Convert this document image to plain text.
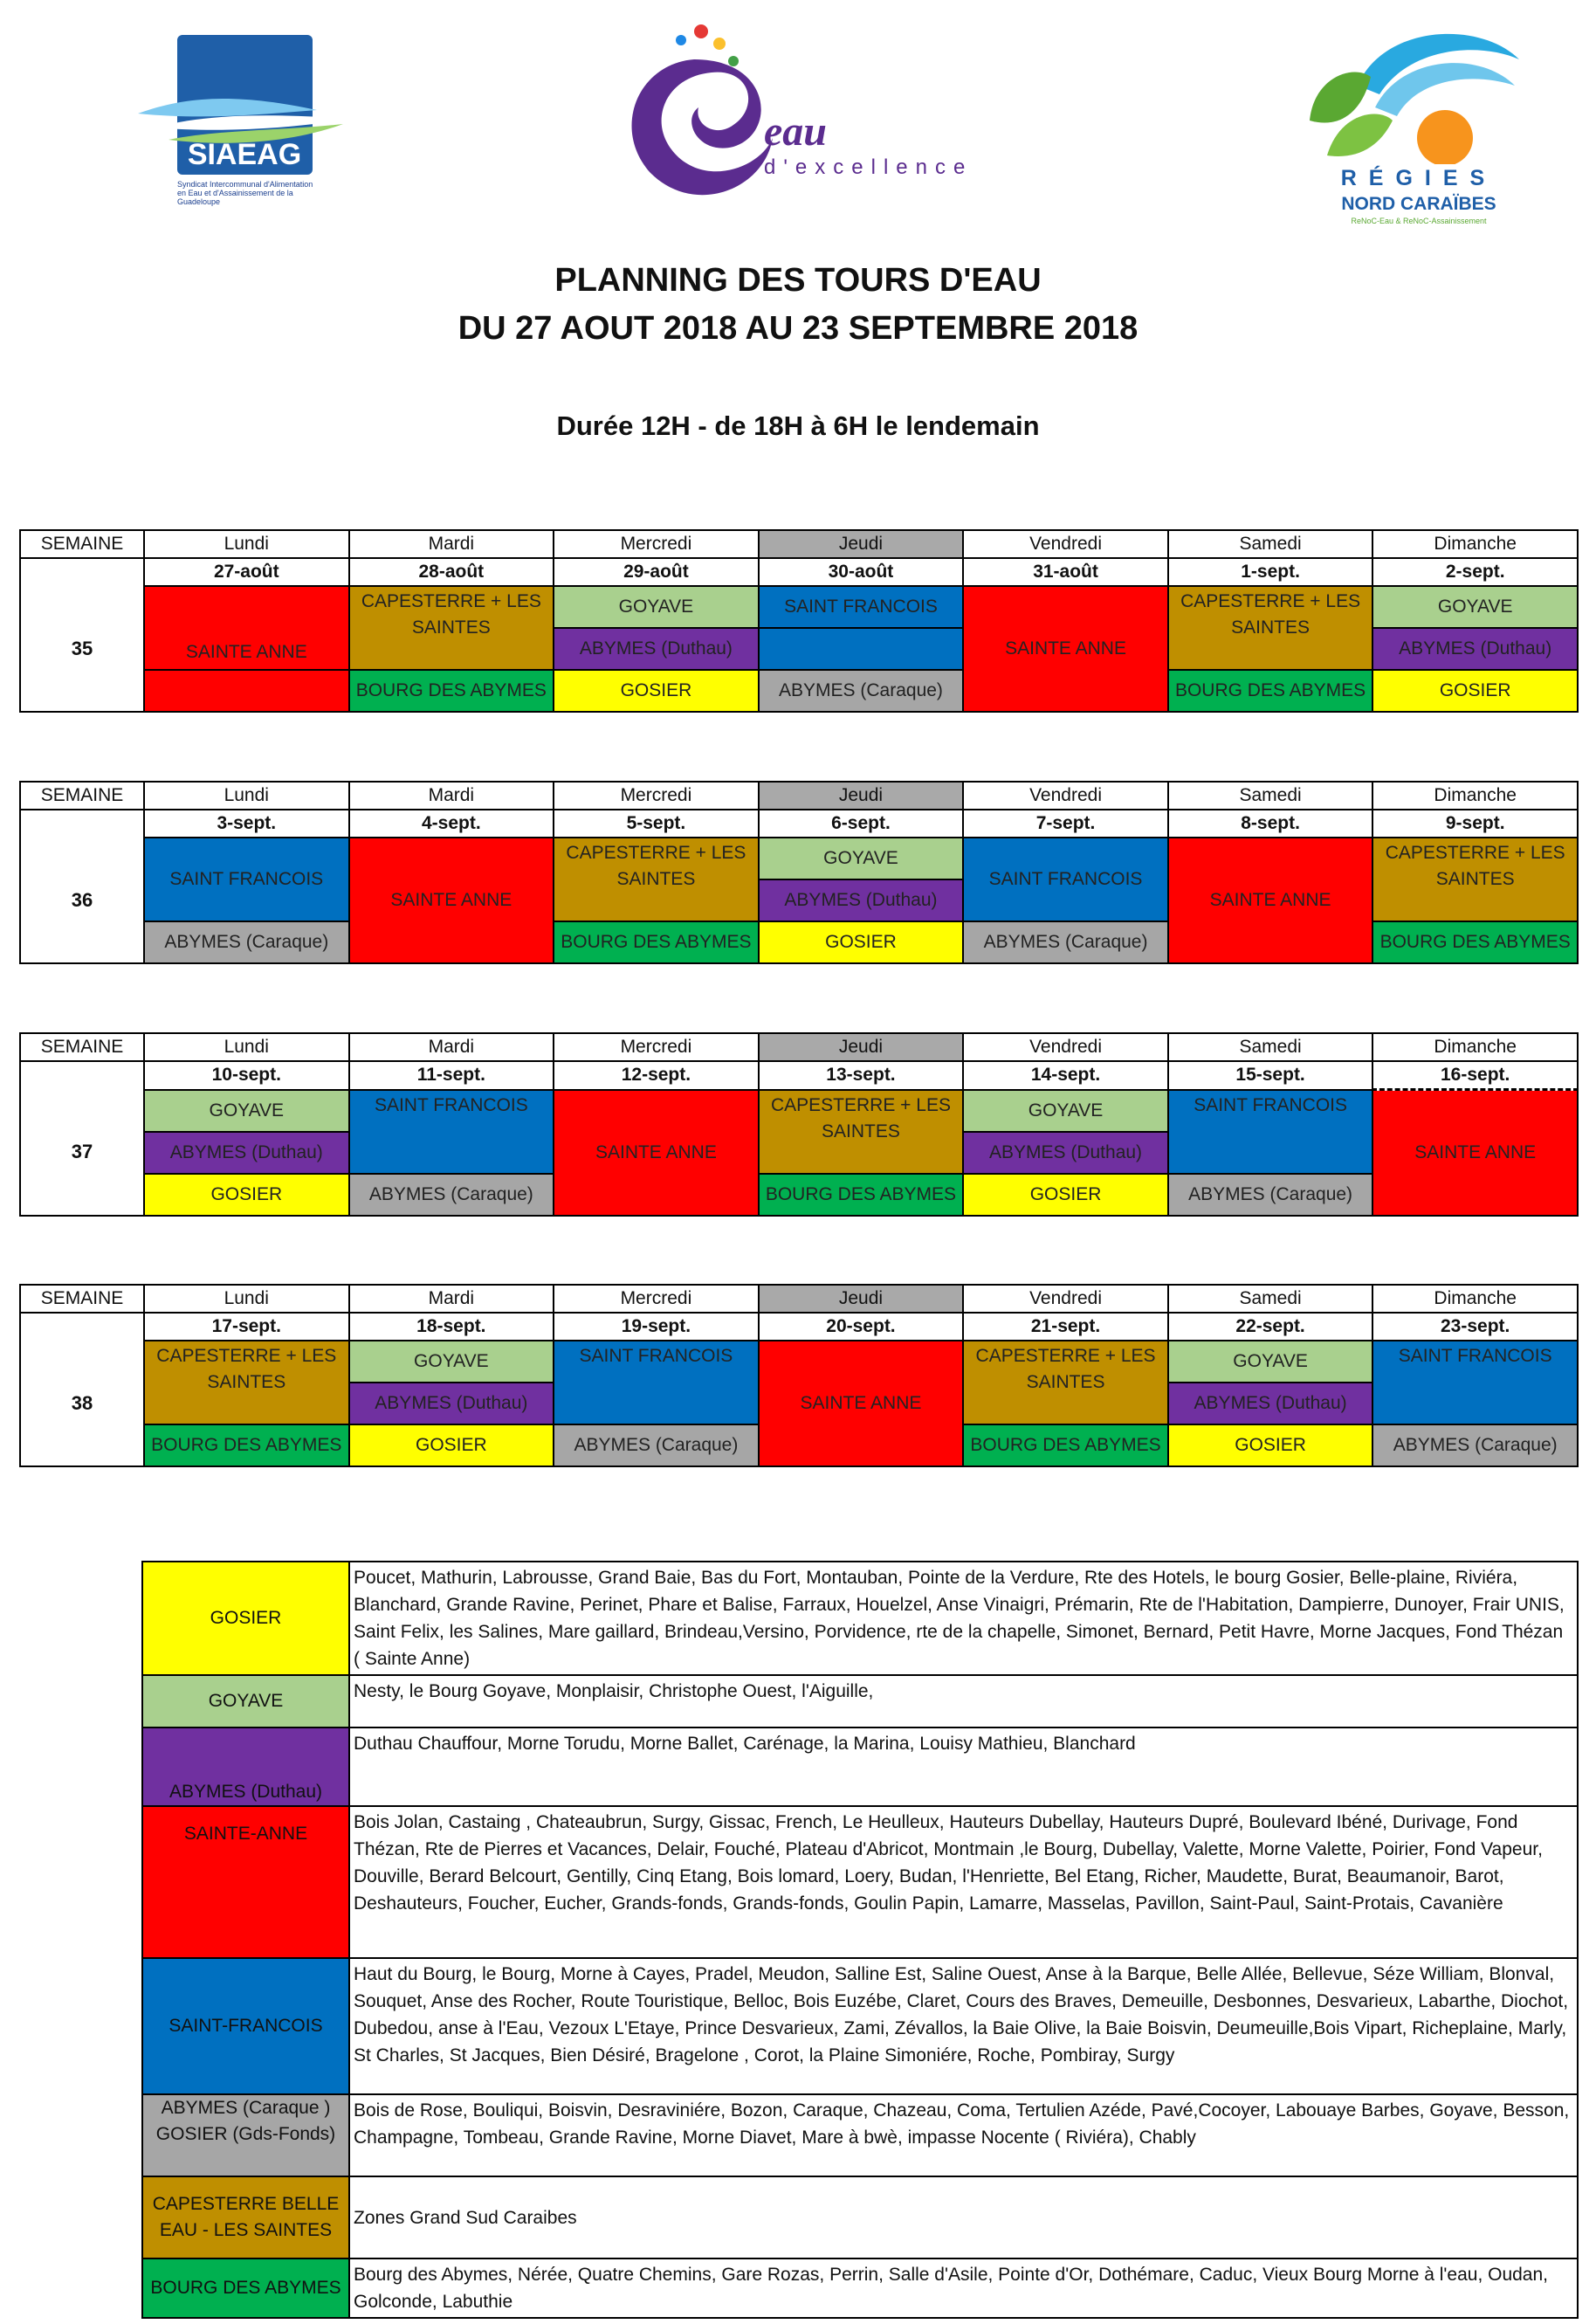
SIAEAG
Syndicat Intercommunal d'Alimentation en Eau et d'Assainissement de la Guadeloupe
eau
d'excellence	RÉGIES
NORD CARAÏBES
ReNoC-Eau & ReNoC-Assainissement
PLANNING DES TOURS D'EAU
DU 27 AOUT 2018 AU 23 SEPTEMBRE 2018
Durée 12H - de 18H à 6H le lendemain
SEMAINE	Lundi	Mardi	Mercredi	Jeudi	Vendredi	Samedi	Dimanche
	27-août	28-août	29-août	30-août	31-août	1-sept.	2-sept.
35	SAINTE ANNE	CAPESTERRE + LES SAINTES	GOYAVE	SAINT FRANCOIS	SAINTE ANNE	CAPESTERRE + LES SAINTES	GOYAVE
			ABYMES (Duthau)				ABYMES (Duthau)
		BOURG DES ABYMES	GOSIER	ABYMES (Caraque)		BOURG DES ABYMES	GOSIER
SEMAINE	Lundi	Mardi	Mercredi	Jeudi	Vendredi	Samedi	Dimanche
	3-sept.	4-sept.	5-sept.	6-sept.	7-sept.	8-sept.	9-sept.
36	SAINT FRANCOIS	SAINTE ANNE	CAPESTERRE + LES SAINTES	GOYAVE	SAINT FRANCOIS	SAINTE ANNE	CAPESTERRE + LES SAINTES
				ABYMES (Duthau)			
	ABYMES (Caraque)		BOURG DES ABYMES	GOSIER	ABYMES (Caraque)		BOURG DES ABYMES
SEMAINE	Lundi	Mardi	Mercredi	Jeudi	Vendredi	Samedi	Dimanche
	10-sept.	11-sept.	12-sept.	13-sept.	14-sept.	15-sept.	16-sept.
37	GOYAVE	SAINT FRANCOIS	SAINTE ANNE	CAPESTERRE + LES SAINTES	GOYAVE	SAINT FRANCOIS	SAINTE ANNE
	ABYMES (Duthau)				ABYMES (Duthau)		
	GOSIER	ABYMES (Caraque)		BOURG DES ABYMES	GOSIER	ABYMES (Caraque)	
SEMAINE	Lundi	Mardi	Mercredi	Jeudi	Vendredi	Samedi	Dimanche
	17-sept.	18-sept.	19-sept.	20-sept.	21-sept.	22-sept.	23-sept.
38	CAPESTERRE + LES SAINTES	GOYAVE	SAINT FRANCOIS	SAINTE ANNE	CAPESTERRE + LES SAINTES	GOYAVE	SAINT FRANCOIS
		ABYMES (Duthau)				ABYMES (Duthau)	
	BOURG DES ABYMES	GOSIER	ABYMES (Caraque)		BOURG DES ABYMES	GOSIER	ABYMES (Caraque)
GOSIER	Poucet, Mathurin, Labrousse, Grand Baie, Bas du Fort, Montauban, Pointe de la Verdure, Rte des Hotels, le bourg Gosier, Belle-plaine, Riviéra, Blanchard, Grande Ravine, Perinet, Phare et Balise, Farraux, Houelzel, Anse Vinaigri, Prémarin, Rte de l'Habitation, Dampierre, Dunoyer, Frair UNIS, Saint Felix, les Salines, Mare gaillard, Brindeau,Versino, Porvidence, rte de la chapelle, Simonet, Bernard, Petit Havre, Morne Jacques, Fond Thézan ( Sainte Anne)
GOYAVE	Nesty, le Bourg Goyave, Monplaisir, Christophe Ouest, l'Aiguille,
ABYMES (Duthau)	Duthau Chauffour, Morne Torudu, Morne Ballet, Carénage, la Marina, Louisy Mathieu, Blanchard
SAINTE-ANNE	Bois Jolan, Castaing , Chateaubrun, Surgy, Gissac, French, Le Heulleux, Hauteurs Dubellay, Hauteurs Dupré, Boulevard Ibéné, Durivage, Fond Thézan, Rte de Pierres et Vacances, Delair, Fouché, Plateau d'Abricot, Montmain ,le Bourg, Dubellay, Valette, Morne Valette, Poirier, Fond Vapeur, Douville, Berard Belcourt, Gentilly, Cinq Etang, Bois lomard, Loery, Budan, l'Henriette, Bel Etang, Richer, Maudette, Burat, Beaumanoir, Barot, Deshauteurs, Foucher, Eucher, Grands-fonds, Grands-fonds, Goulin Papin, Lamarre, Masselas, Pavillon, Saint-Paul, Saint-Protais, Cavanière
SAINT-FRANCOIS	Haut du Bourg, le Bourg, Morne à Cayes, Pradel, Meudon, Salline Est, Saline Ouest, Anse à la Barque, Belle Allée, Bellevue, Séze William, Blonval, Souquet, Anse des Rocher, Route Touristique, Belloc, Bois Euzébe, Claret, Cours des Braves, Demeuille, Desbonnes, Desvarieux, Labarthe, Diochot, Dubedou, anse à l'Eau, Vezoux L'Etaye, Prince Desvarieux, Zami, Zévallos, la Baie Olive, la Baie Boisvin, Deumeuille,Bois Vipart, Richeplaine, Marly, St Charles, St Jacques, Bien Désiré, Bragelone , Corot, la Plaine Simoniére, Roche, Pombiray, Surgy
ABYMES (Caraque ) GOSIER (Gds-Fonds)	Bois de Rose, Bouliqui, Boisvin, Desraviniére, Bozon, Caraque, Chazeau, Coma, Tertulien Azéde, Pavé,Cocoyer, Labouaye Barbes, Goyave, Besson, Champagne, Tombeau, Grande Ravine, Morne Diavet, Mare à bwè, impasse Nocente ( Riviéra), Chably
CAPESTERRE BELLE EAU - LES SAINTES	Zones Grand Sud Caraibes
BOURG DES ABYMES	Bourg des Abymes, Nérée, Quatre Chemins, Gare Rozas, Perrin, Salle d'Asile, Pointe d'Or, Dothémare, Caduc, Vieux Bourg Morne à l'eau, Oudan, Golconde, Labuthie
